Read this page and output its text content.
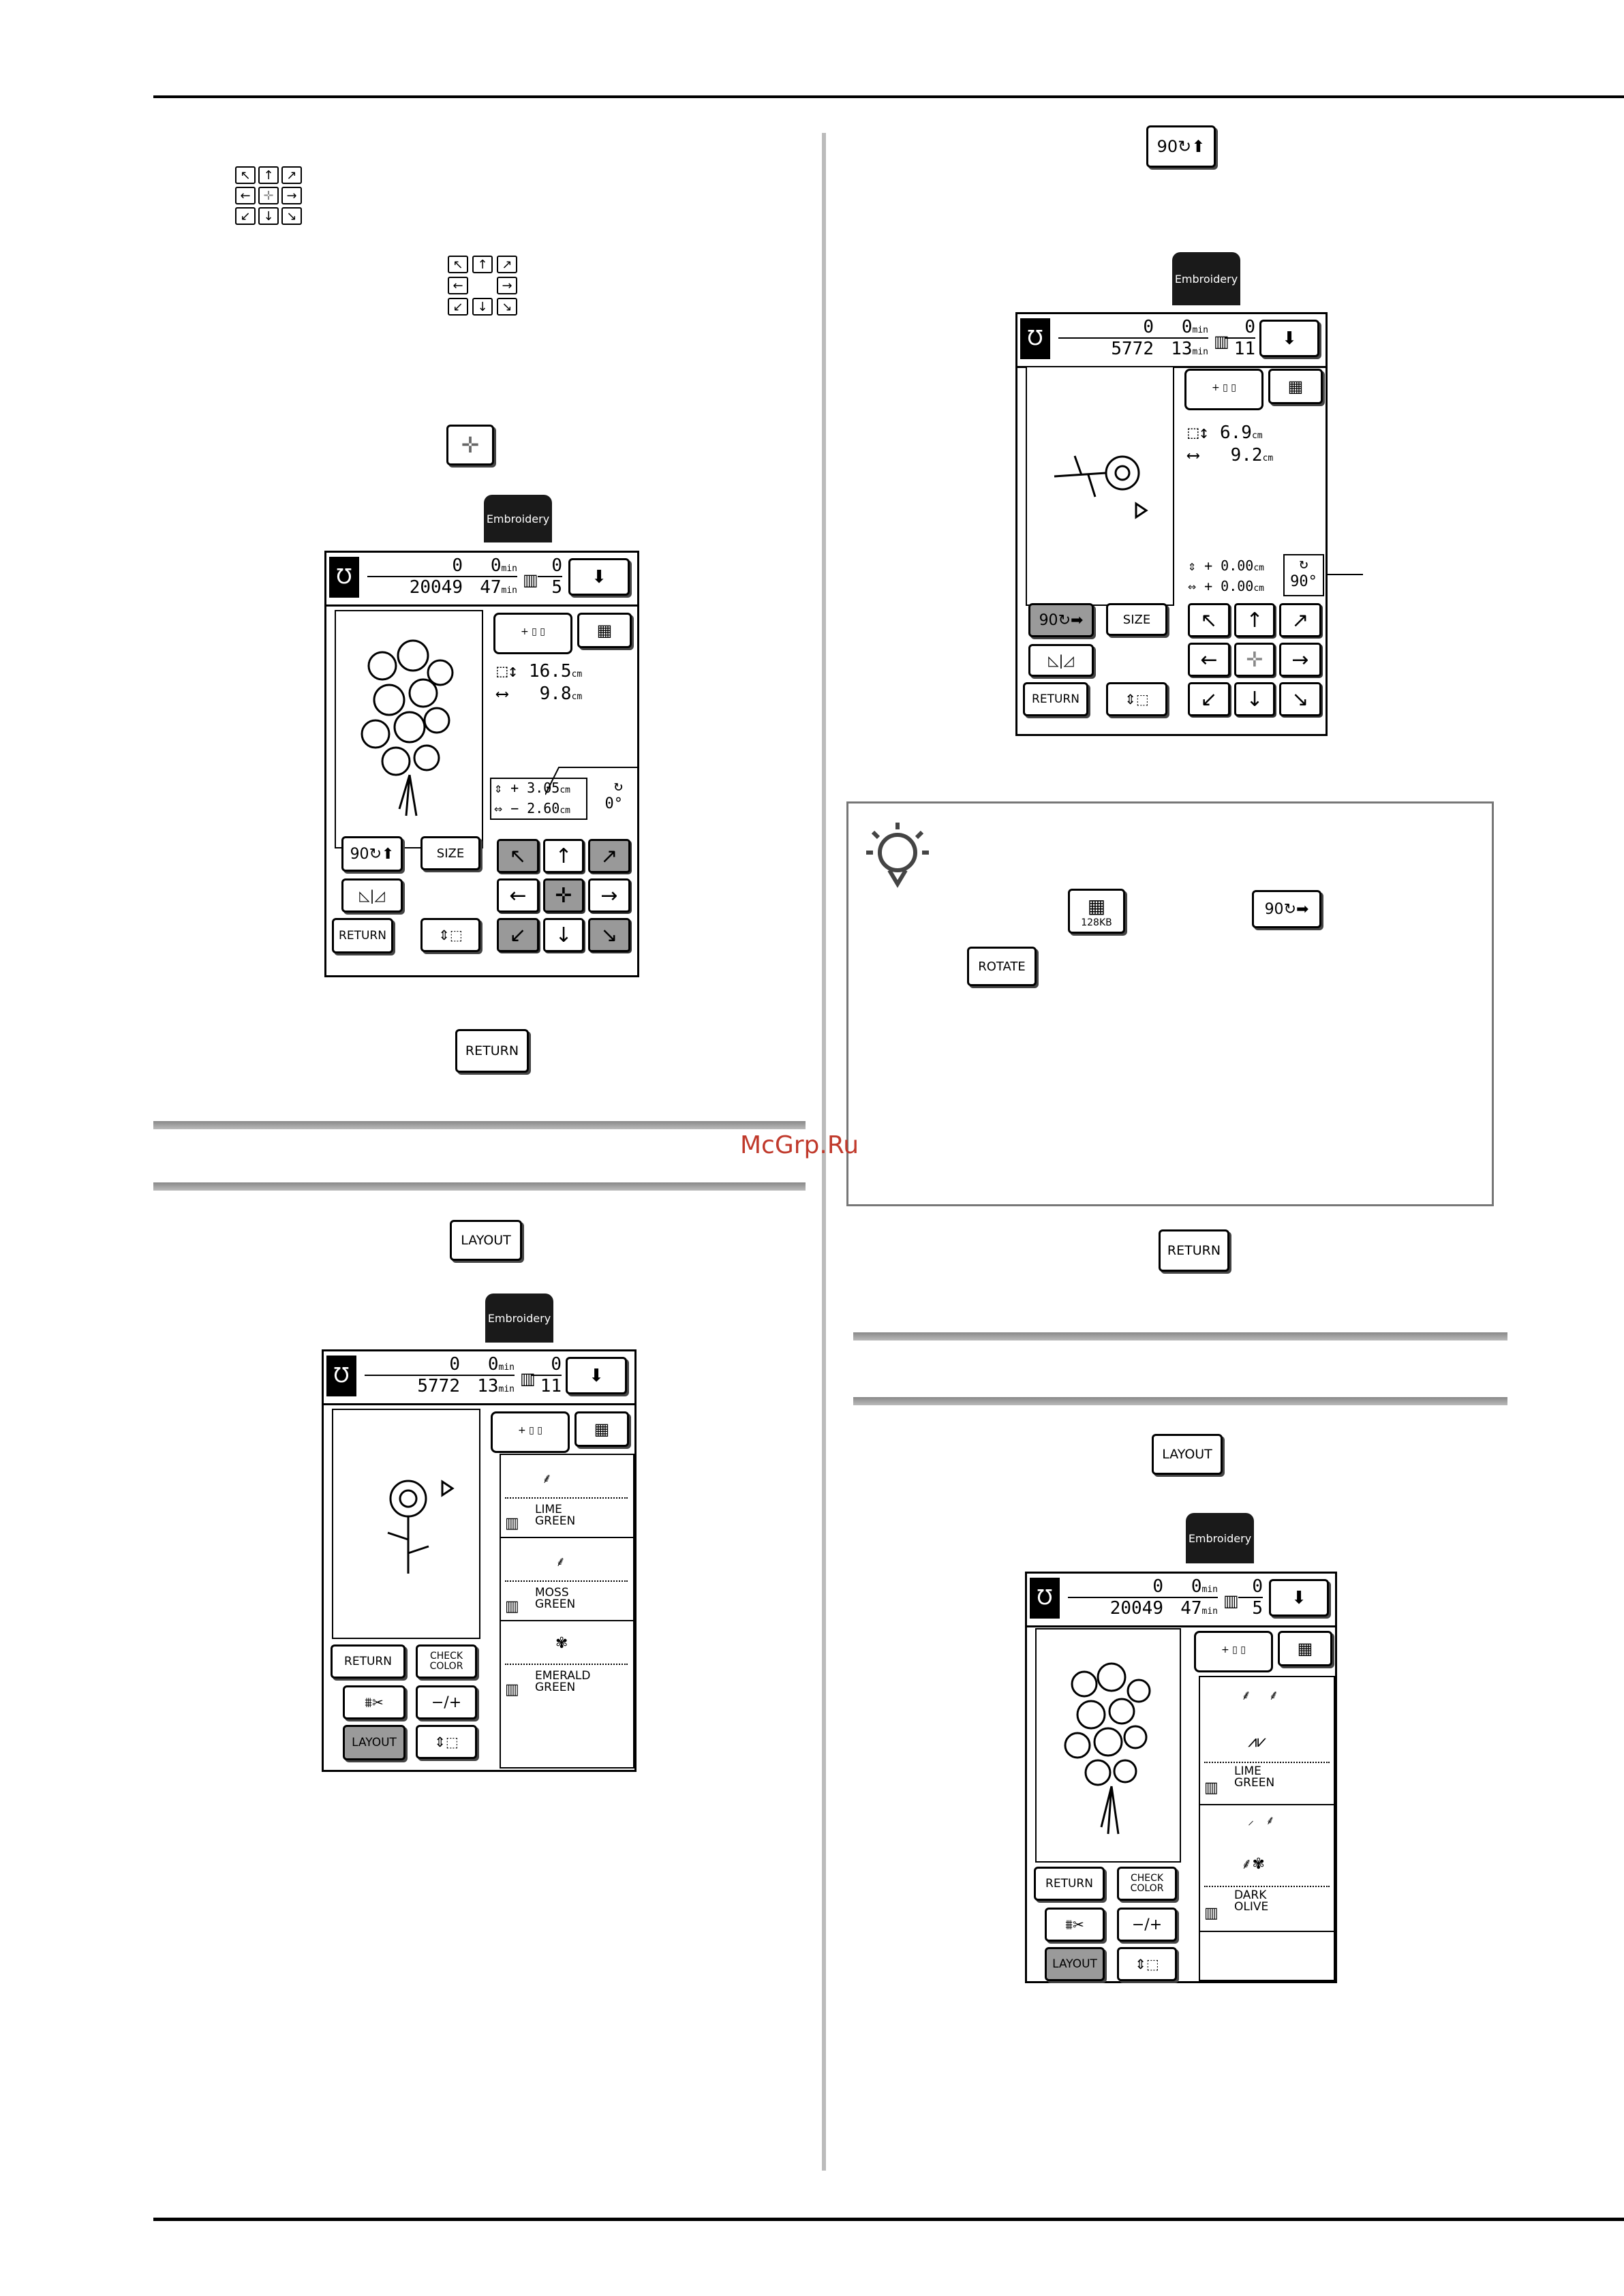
↖	↑	↗
←	✛	→
↙	↓	↘
↖	↑	↗
←	→
↙	↓	↘
✛
Embroidery
Ʊ	0
20049
0min
47min
▥
0
5
⬇
+ ▯ ▯	▦
⬚↕ 16.5cm
⟷   9.8cm
⇕ + 3.05cm
⇔ − 2.60cm
↻
0°
90 ↻⬆	SIZE
◺|◿
RETURN	⇕⬚
↖ ↑ ↗
← ✛ →
↙ ↓ ↘
RETURN
LAYOUT
Embroidery
Ʊ	0
5772
0min
13min
▥
0
11
⬇
+ ▯ ▯	▦
⸙
LIME
GREEN
▥
⸙
MOSS
GREEN
▥
✾
EMERALD
GREEN
▥
RETURN	CHECK
COLOR
⩩✂	−/+
LAYOUT	⇕⬚
90 ↻⬆
Embroidery
Ʊ	0
5772
0min
13min
▥
0
11
⬇
+ ▯ ▯	▦
⬚↕ 6.9cm
⟷   9.2cm
⇕ + 0.00cm
⇔ + 0.00cm
↻
90°
90 ↻➡	SIZE
◺|◿
RETURN	⇕⬚
↖ ↑ ↗
← ✛ →
↙ ↓ ↘
▦
128KB
90 ↻➡
ROTATE
McGrp.Ru
RETURN
LAYOUT
Embroidery
Ʊ	0
20049
0min
47min
▥
0
5
⬇
+ ▯ ▯	▦
⸙    ⸙
⩘⩗
LIME
GREEN
▥
⸝   ⸙
⸙✾
DARK
OLIVE
▥
RETURN	CHECK
COLOR
⩩✂	−/+
LAYOUT	⇕⬚
